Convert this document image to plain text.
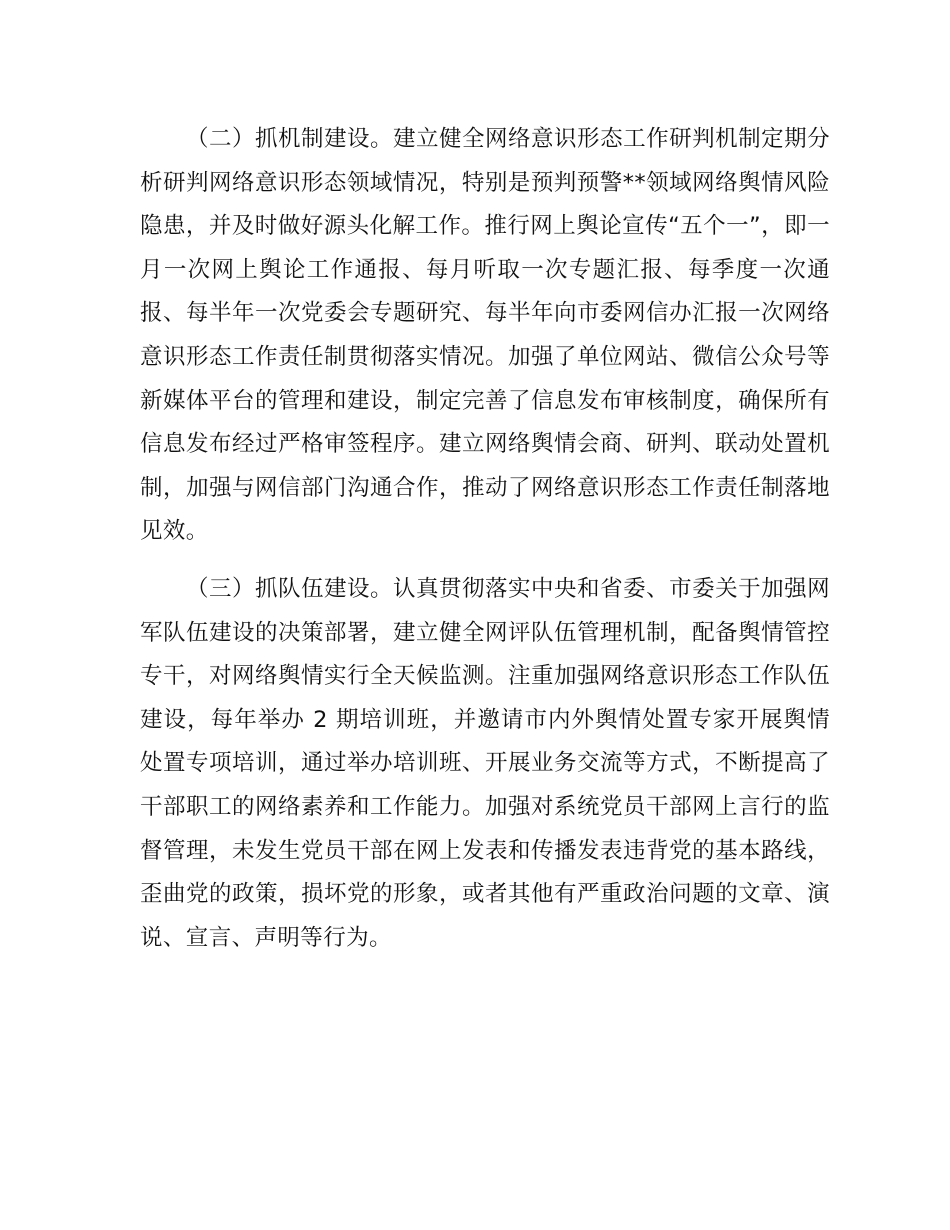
（二）抓机制建设。建立健全网络意识形态工作研判机制定期分析研判网络意识形态领域情况，特别是预判预警**领域网络舆情风险隐患，并及时做好源头化解工作。推行网上舆论宣传“五个一”，即一月一次网上舆论工作通报、每月听取一次专题汇报、每季度一次通报、每半年一次党委会专题研究、每半年向市委网信办汇报一次网络意识形态工作责任制贯彻落实情况。加强了单位网站、微信公众号等新媒体平台的管理和建设，制定完善了信息发布审核制度，确保所有信息发布经过严格审签程序。建立网络舆情会商、研判、联动处置机制，加强与网信部门沟通合作，推动了网络意识形态工作责任制落地见效。

（三）抓队伍建设。认真贯彻落实中央和省委、市委关于加强网军队伍建设的决策部署，建立健全网评队伍管理机制，配备舆情管控专干，对网络舆情实行全天候监测。注重加强网络意识形态工作队伍建设，每年举办 2 期培训班，并邀请市内外舆情处置专家开展舆情处置专项培训，通过举办培训班、开展业务交流等方式，不断提高了干部职工的网络素养和工作能力。加强对系统党员干部网上言行的监督管理，未发生党员干部在网上发表和传播发表违背党的基本路线，歪曲党的政策，损坏党的形象，或者其他有严重政治问题的文章、演说、宣言、声明等行为。
